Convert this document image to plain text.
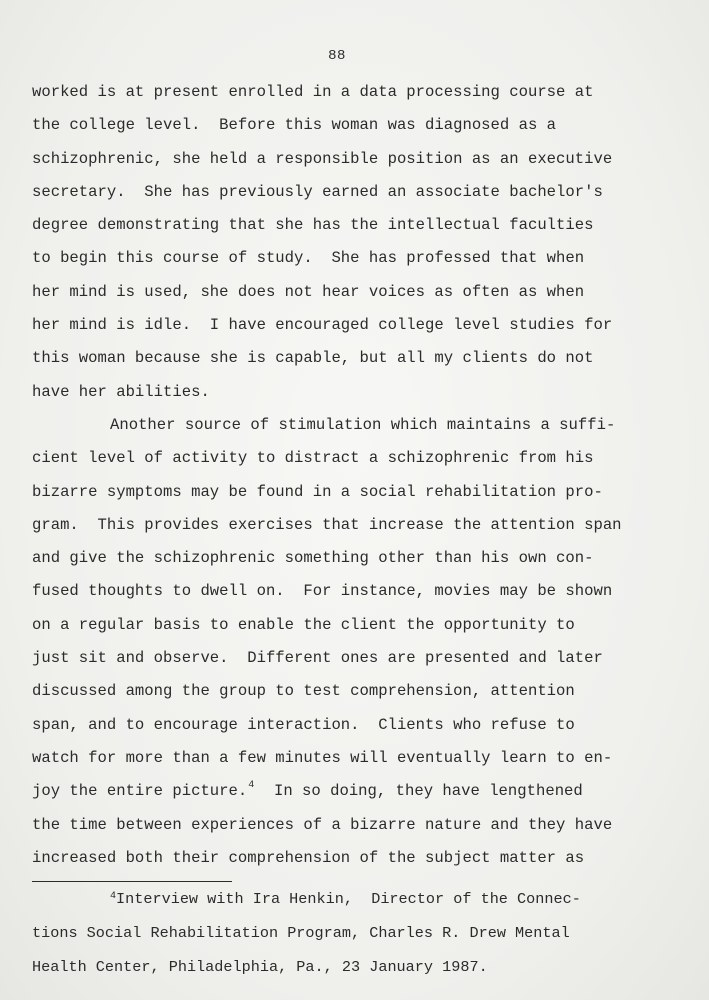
88
worked is at present enrolled in a data processing course at
the college level.  Before this woman was diagnosed as a
schizophrenic, she held a responsible position as an executive
secretary.  She has previously earned an associate bachelor's
degree demonstrating that she has the intellectual faculties
to begin this course of study.  She has professed that when
her mind is used, she does not hear voices as often as when
her mind is idle.  I have encouraged college level studies for
this woman because she is capable, but all my clients do not
have her abilities.
Another source of stimulation which maintains a suffi-
cient level of activity to distract a schizophrenic from his
bizarre symptoms may be found in a social rehabilitation pro-
gram.  This provides exercises that increase the attention span
and give the schizophrenic something other than his own con-
fused thoughts to dwell on.  For instance, movies may be shown
on a regular basis to enable the client the opportunity to
just sit and observe.  Different ones are presented and later
discussed among the group to test comprehension, attention
span, and to encourage interaction.  Clients who refuse to
watch for more than a few minutes will eventually learn to en-
joy the entire picture.$^4$  In so doing, they have lengthened
the time between experiences of a bizarre nature and they have
increased both their comprehension of the subject matter as
$^4$Interview with Ira Henkin,  Director of the Connec-

tions Social Rehabilitation Program, Charles R. Drew Mental

Health Center, Philadelphia, Pa., 23 January 1987.
